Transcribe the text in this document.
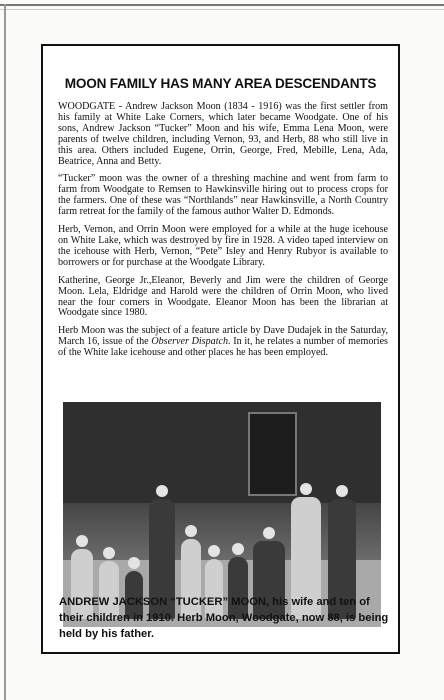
MOON FAMILY HAS MANY AREA DESCENDANTS

WOODGATE - Andrew Jackson Moon (1834 - 1916) was the first settler from his family at White Lake Corners, which later became Woodgate. One of his sons, Andrew Jackson “Tucker” Moon and his wife, Emma Lena Moon, were parents of twelve children, including Vernon, 93, and Herb, 88 who still live in this area. Others included Eugene, Orrin, George, Fred, Mebille, Lena, Ada, Beatrice, Anna and Betty.

“Tucker” moon was the owner of a threshing machine and went from farm to farm from Woodgate to Remsen to Hawkinsville hiring out to process crops for the farmers. One of these was “Northlands” near Hawkinsville, a North Country farm retreat for the family of the famous author Walter D. Edmonds.

Herb, Vernon, and Orrin Moon were employed for a while at the huge icehouse on White Lake, which was destroyed by fire in 1928. A video taped interview on the icehouse with Herb, Vernon, “Pete” Isley and Henry Rubyor is available to borrowers or for purchase at the Woodgate Library.

Katherine, George Jr.,Eleanor, Beverly and Jim were the children of George Moon. Lela, Eldridge and Harold were the children of Orrin Moon, who lived near the four corners in Woodgate. Eleanor Moon has been the librarian at Woodgate since 1980.

Herb Moon was the subject of a feature article by Dave Dudajek in the Saturday, March 16, issue of the Observer Dispatch. In it, he relates a number of memories of the White lake icehouse and other places he has been employed.

ANDREW JACKSON “TUCKER” MOON, his wife and ten of their children in 1910. Herb Moon, Woodgate, now 88, is being held by his father.
